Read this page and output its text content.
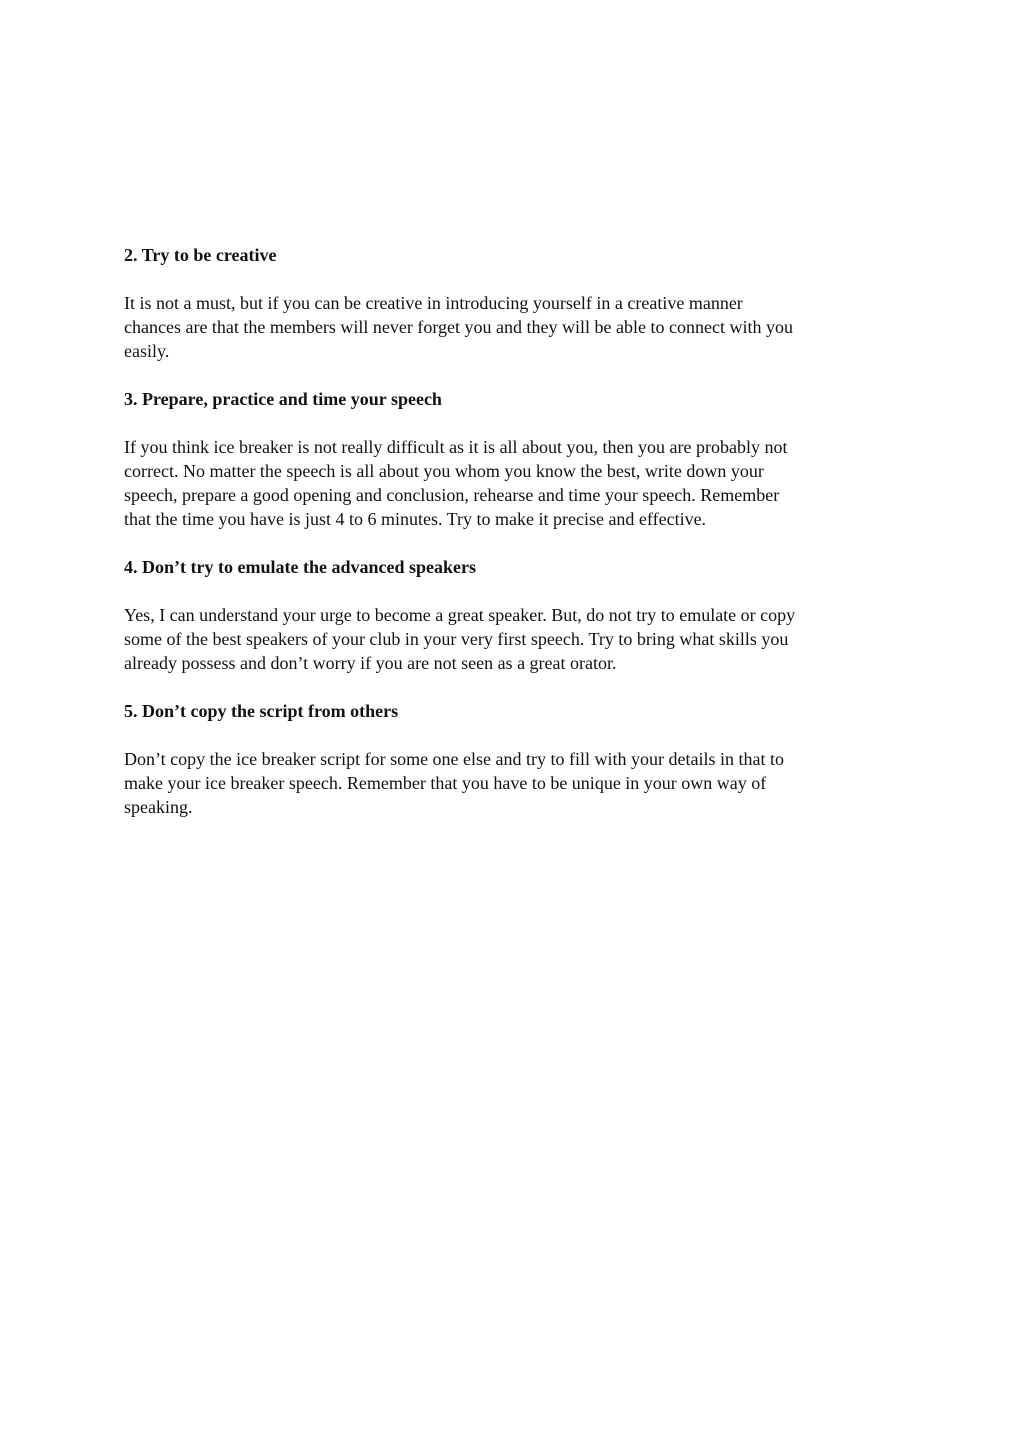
2. Try to be creative
It is not a must, but if you can be creative in introducing yourself in a creative manner
chances are that the members will never forget you and they will be able to connect with you
easily.
3. Prepare, practice and time your speech
If you think ice breaker is not really difficult as it is all about you, then you are probably not
correct. No matter the speech is all about you whom you know the best, write down your
speech, prepare a good opening and conclusion, rehearse and time your speech. Remember
that the time you have is just 4 to 6 minutes. Try to make it precise and effective.
4. Don’t try to emulate the advanced speakers
Yes, I can understand your urge to become a great speaker. But, do not try to emulate or copy
some of the best speakers of your club in your very first speech. Try to bring what skills you
already possess and don’t worry if you are not seen as a great orator.
5. Don’t copy the script from others
Don’t copy the ice breaker script for some one else and try to fill with your details in that to
make your ice breaker speech. Remember that you have to be unique in your own way of
speaking.
